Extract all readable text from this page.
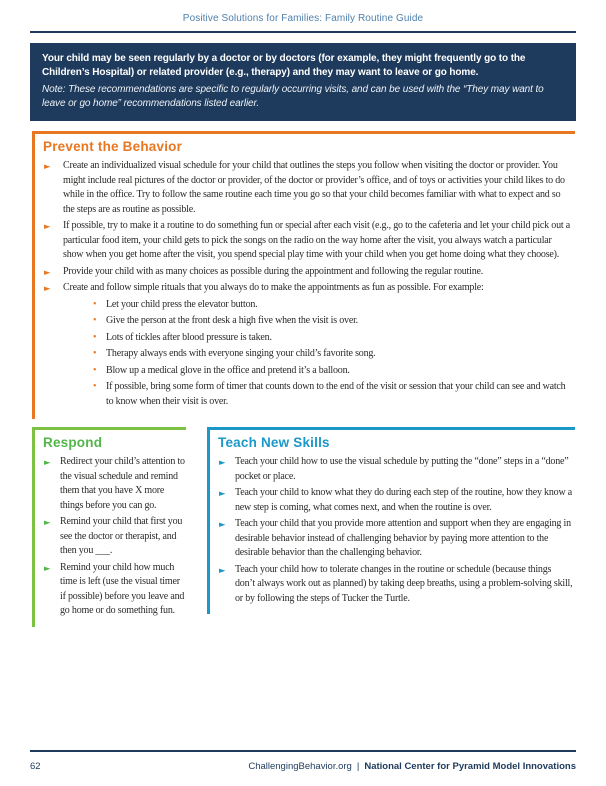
Positive Solutions for Families: Family Routine Guide
Your child may be seen regularly by a doctor or by doctors (for example, they might frequently go to the Children’s Hospital) or related provider (e.g., therapy) and they may want to leave or go home.
Note: These recommendations are specific to regularly occurring visits, and can be used with the “They may want to leave or go home” recommendations listed earlier.
Prevent the Behavior
► Create an individualized visual schedule for your child that outlines the steps you follow when visiting the doctor or provider. You might include real pictures of the doctor or provider, of the doctor or provider’s office, and of toys or activities your child likes to do while in the office. Try to follow the same routine each time you go so that your child becomes familiar with what to expect and so the steps are as routine as possible.
► If possible, try to make it a routine to do something fun or special after each visit (e.g., go to the cafeteria and let your child pick out a particular food item, your child gets to pick the songs on the radio on the way home after the visit, you always watch a particular show when you get home after the visit, you spend special play time with your child when you get home doing what they choose).
► Provide your child with as many choices as possible during the appointment and following the regular routine.
► Create and follow simple rituals that you always do to make the appointments as fun as possible. For example:
• Let your child press the elevator button.
• Give the person at the front desk a high five when the visit is over.
• Lots of tickles after blood pressure is taken.
• Therapy always ends with everyone singing your child’s favorite song.
• Blow up a medical glove in the office and pretend it’s a balloon.
• If possible, bring some form of timer that counts down to the end of the visit or session that your child can see and watch to know when their visit is over.
Respond
► Redirect your child’s attention to the visual schedule and remind them that you have X more things before you can go.
► Remind your child that first you see the doctor or therapist, and then you ___.
► Remind your child how much time is left (use the visual timer if possible) before you leave and go home or do something fun.
Teach New Skills
► Teach your child how to use the visual schedule by putting the “done” steps in a “done” pocket or place.
► Teach your child to know what they do during each step of the routine, how they know a new step is coming, what comes next, and when the routine is over.
► Teach your child that you provide more attention and support when they are engaging in desirable behavior instead of challenging behavior by paying more attention to the desirable behavior than the challenging behavior.
► Teach your child how to tolerate changes in the routine or schedule (because things don’t always work out as planned) by taking deep breaths, using a problem-solving skill, or by following the steps of Tucker the Turtle.
62	ChallengingBehavior.org | National Center for Pyramid Model Innovations
